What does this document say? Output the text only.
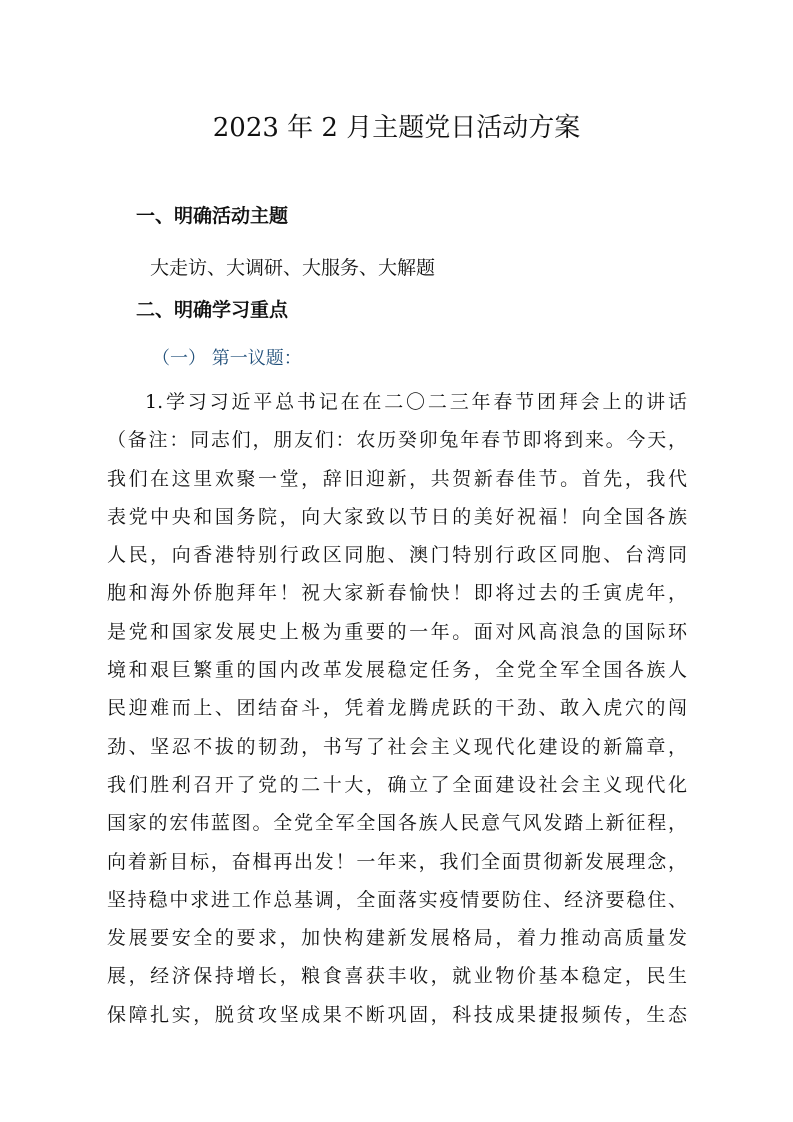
2023 年 2 月主题党日活动方案
一、明确活动主题
大走访、大调研、大服务、大解题
二、明确学习重点
（一） 第一议题：
1.学习习近平总书记在在二〇二三年春节团拜会上的讲话
（备注：同志们，朋友们：农历癸卯兔年春节即将到来。今天，
我们在这里欢聚一堂，辞旧迎新，共贺新春佳节。首先，我代
表党中央和国务院，向大家致以节日的美好祝福！向全国各族
人民，向香港特别行政区同胞、澳门特别行政区同胞、台湾同
胞和海外侨胞拜年！祝大家新春愉快！即将过去的壬寅虎年，
是党和国家发展史上极为重要的一年。面对风高浪急的国际环
境和艰巨繁重的国内改革发展稳定任务，全党全军全国各族人
民迎难而上、团结奋斗，凭着龙腾虎跃的干劲、敢入虎穴的闯
劲、坚忍不拔的韧劲，书写了社会主义现代化建设的新篇章，
我们胜利召开了党的二十大，确立了全面建设社会主义现代化
国家的宏伟蓝图。全党全军全国各族人民意气风发踏上新征程，
向着新目标，奋楫再出发！一年来，我们全面贯彻新发展理念，
坚持稳中求进工作总基调，全面落实疫情要防住、经济要稳住、
发展要安全的要求，加快构建新发展格局，着力推动高质量发
展，经济保持增长，粮食喜获丰收，就业物价基本稳定，民生
保障扎实，脱贫攻坚成果不断巩固，科技成果捷报频传，生态
